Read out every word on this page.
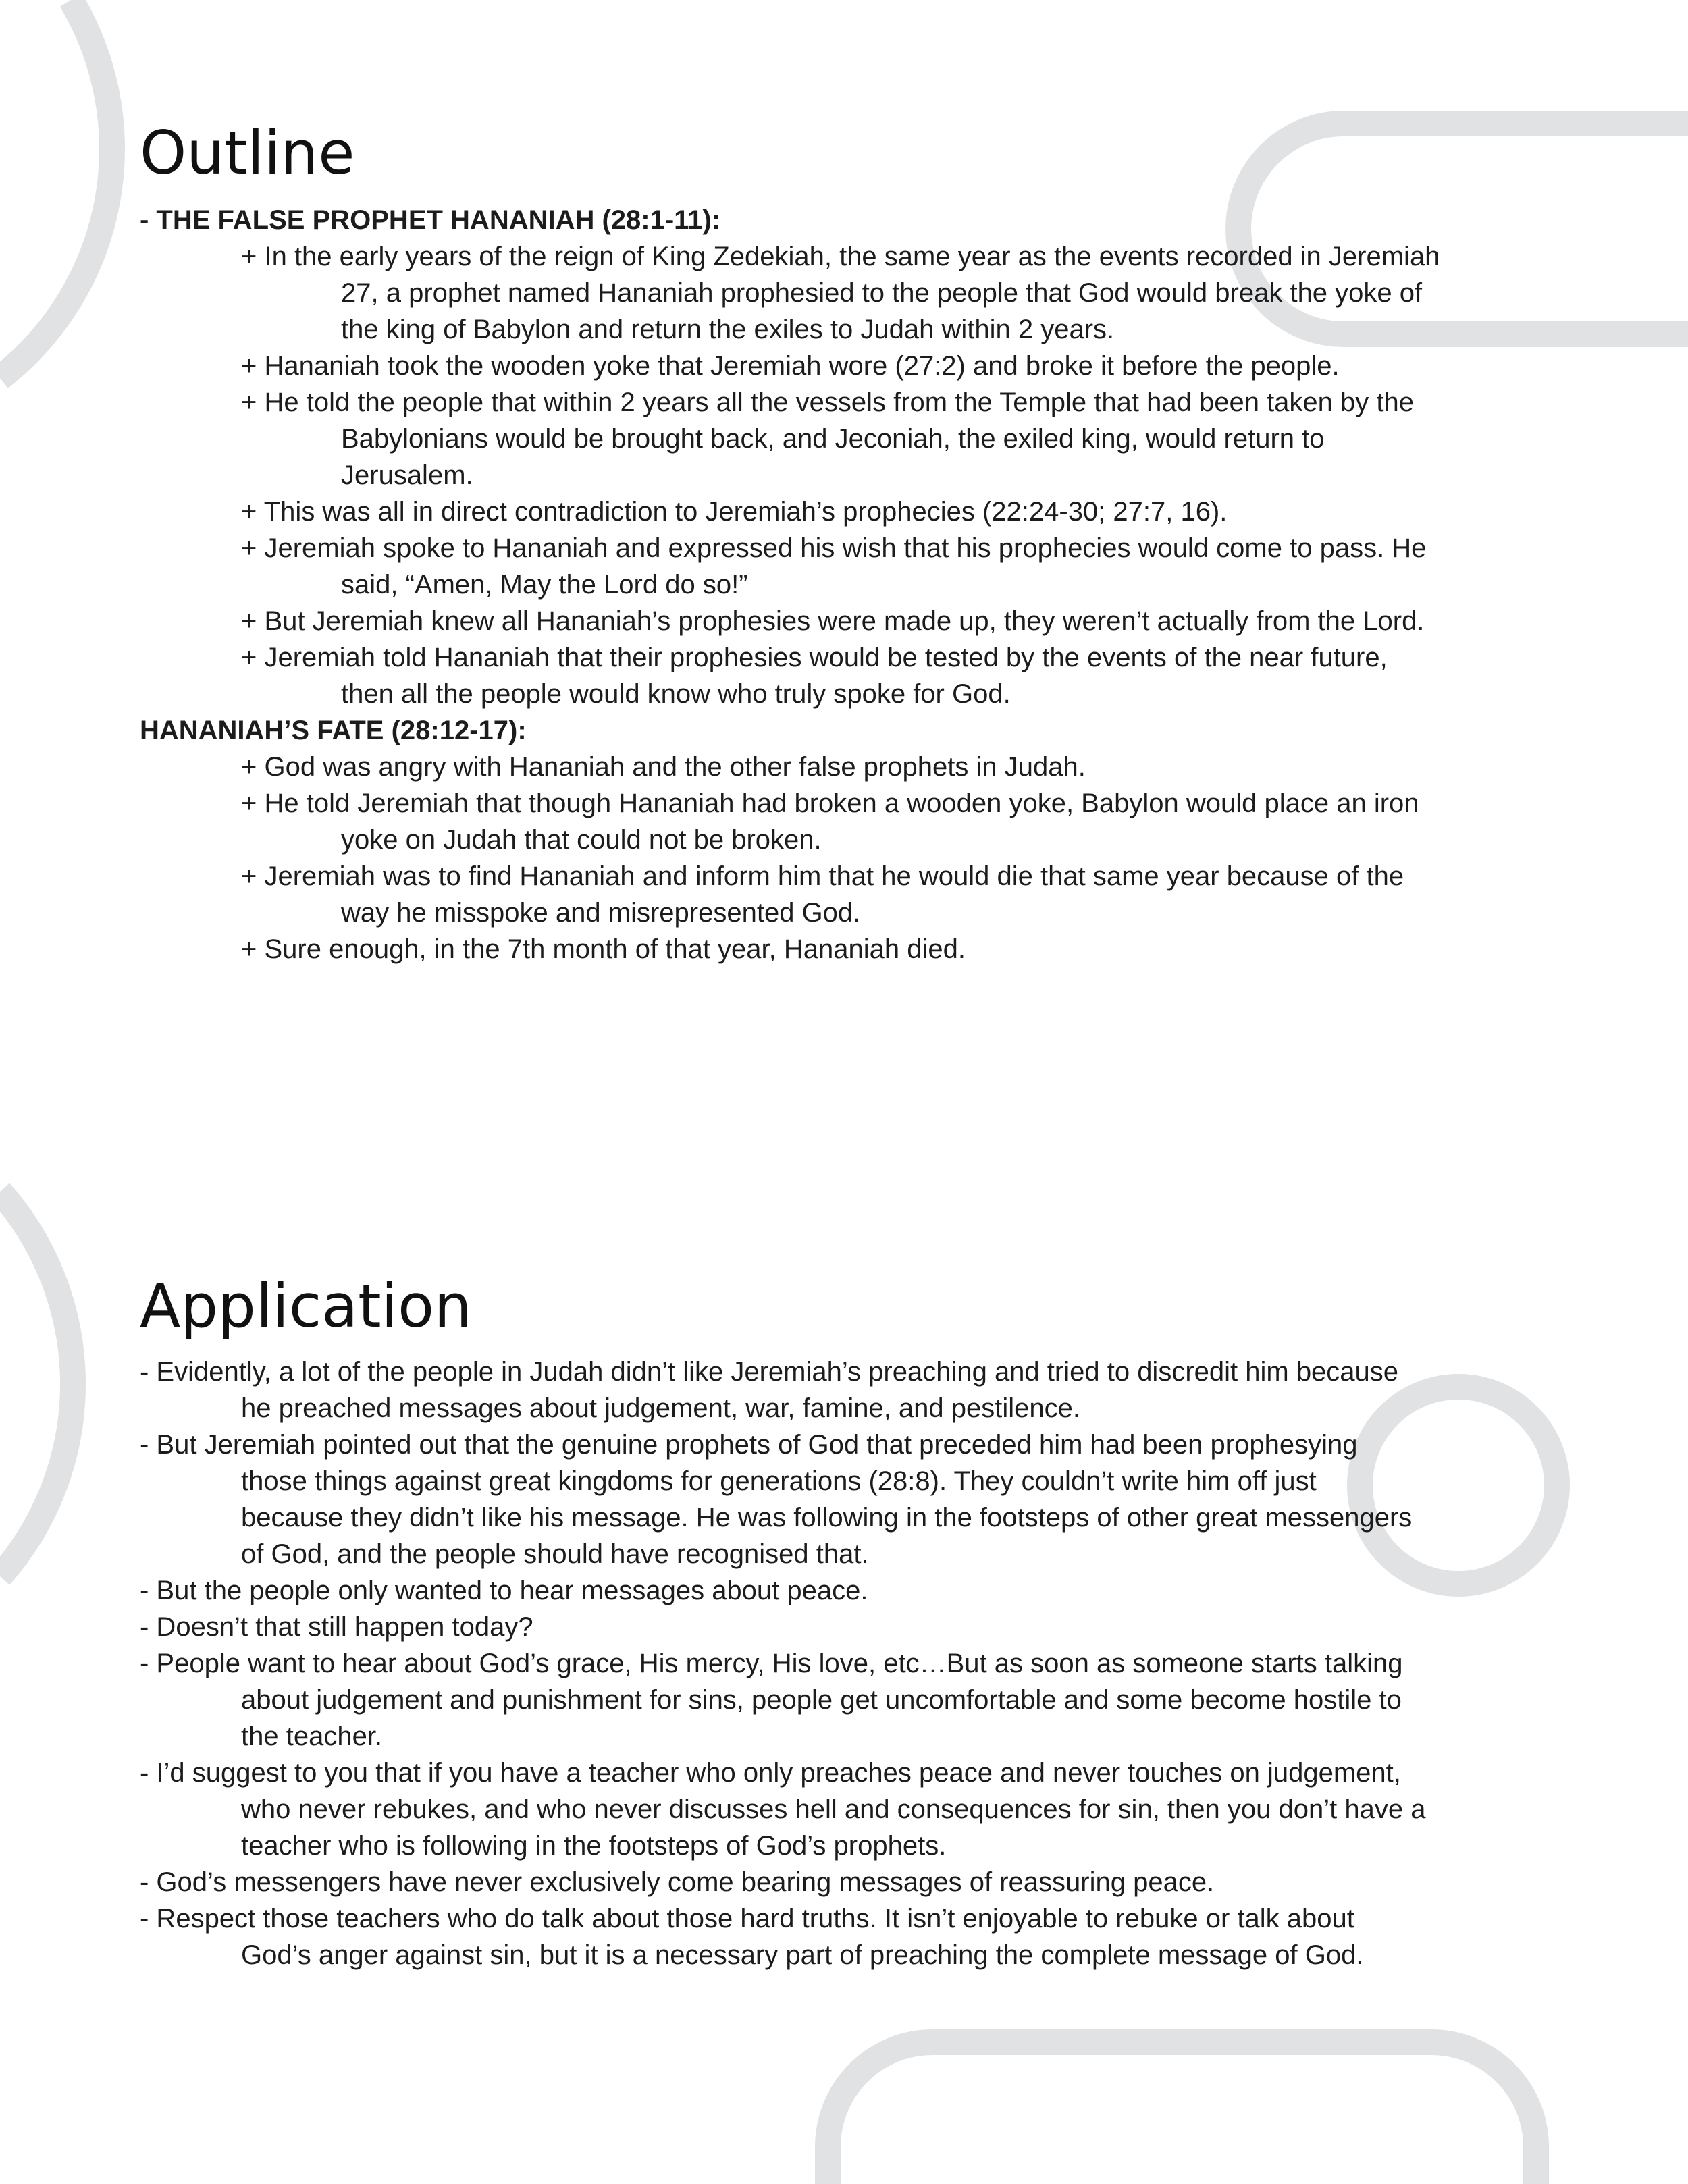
Outline
- THE FALSE PROPHET HANANIAH (28:1-11):
+ In the early years of the reign of King Zedekiah, the same year as the events recorded in Jeremiah
27, a prophet named Hananiah prophesied to the people that God would break the yoke of
the king of Babylon and return the exiles to Judah within 2 years.
+ Hananiah took the wooden yoke that Jeremiah wore (27:2) and broke it before the people.
+ He told the people that within 2 years all the vessels from the Temple that had been taken by the
Babylonians would be brought back, and Jeconiah, the exiled king, would return to
Jerusalem.
+ This was all in direct contradiction to Jeremiah’s prophecies (22:24-30; 27:7, 16).
+ Jeremiah spoke to Hananiah and expressed his wish that his prophecies would come to pass. He
said, “Amen, May the Lord do so!”
+ But Jeremiah knew all Hananiah’s prophesies were made up, they weren’t actually from the Lord.
+ Jeremiah told Hananiah that their prophesies would be tested by the events of the near future,
then all the people would know who truly spoke for God.
HANANIAH’S FATE (28:12-17):
+ God was angry with Hananiah and the other false prophets in Judah.
+ He told Jeremiah that though Hananiah had broken a wooden yoke, Babylon would place an iron
yoke on Judah that could not be broken.
+ Jeremiah was to find Hananiah and inform him that he would die that same year because of the
way he misspoke and misrepresented God.
+ Sure enough, in the 7th month of that year, Hananiah died.
Application
- Evidently, a lot of the people in Judah didn’t like Jeremiah’s preaching and tried to discredit him because
he preached messages about judgement, war, famine, and pestilence.
- But Jeremiah pointed out that the genuine prophets of God that preceded him had been prophesying
those things against great kingdoms for generations (28:8). They couldn’t write him off just
because they didn’t like his message. He was following in the footsteps of other great messengers
of God, and the people should have recognised that.
- But the people only wanted to hear messages about peace.
- Doesn’t that still happen today?
- People want to hear about God’s grace, His mercy, His love, etc…But as soon as someone starts talking
about judgement and punishment for sins, people get uncomfortable and some become hostile to
the teacher.
- I’d suggest to you that if you have a teacher who only preaches peace and never touches on judgement,
who never rebukes, and who never discusses hell and consequences for sin, then you don’t have a
teacher who is following in the footsteps of God’s prophets.
- God’s messengers have never exclusively come bearing messages of reassuring peace.
- Respect those teachers who do talk about those hard truths. It isn’t enjoyable to rebuke or talk about
God’s anger against sin, but it is a necessary part of preaching the complete message of God.
